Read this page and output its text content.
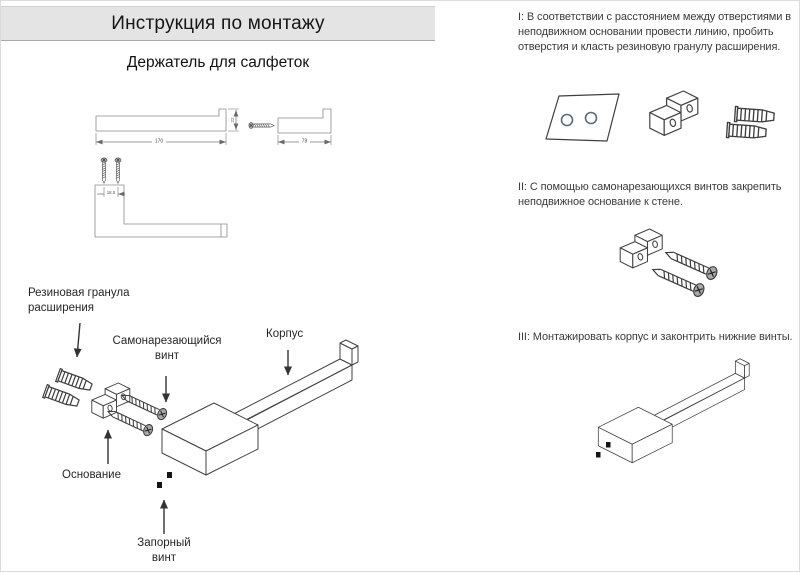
Инструкция по монтажу
Держатель для салфеток
170
22
78
18.5
Резиновая гранула расширения
Самонарезающийся винт
Корпус
Основание
Запорный винт

I: В соответствии с расстоянием между отверстиями в неподвижном основании провести линию, пробить отверстия и класть резиновую гранулу расширения.

II: С помощью самонарезающихся винтов закрепить неподвижное основание к стене.

III: Монтажировать корпус и законтрить нижние винты.
